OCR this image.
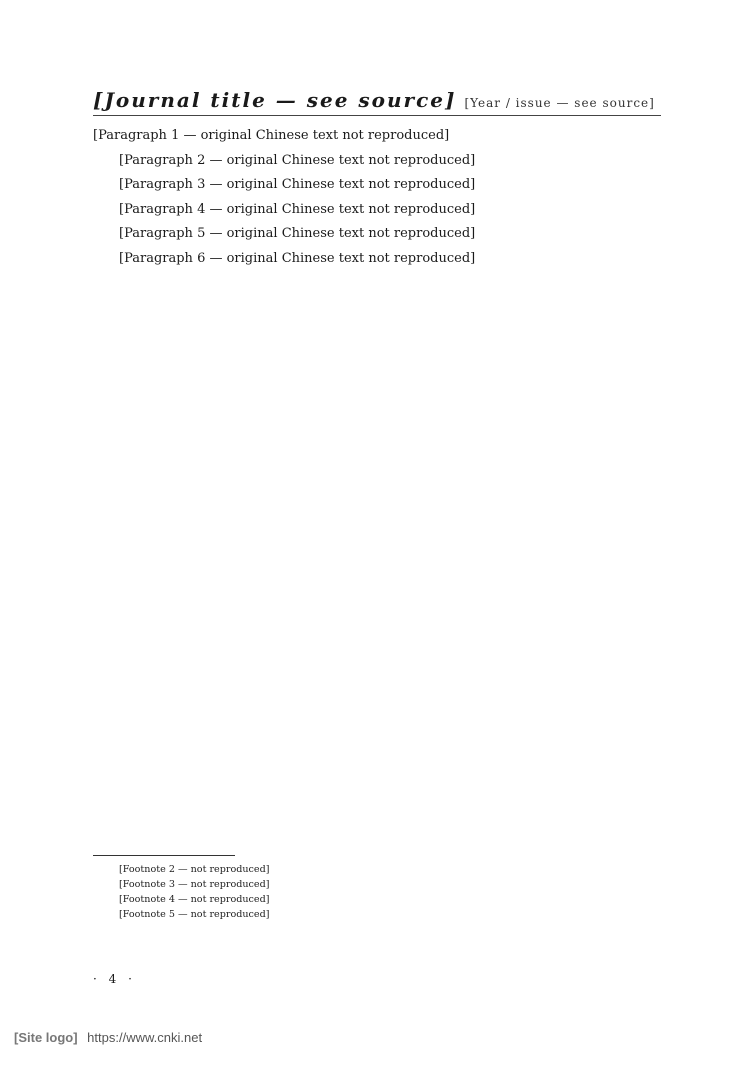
[Journal title — see source] [Year / issue — see source]

[Paragraph 1 — original Chinese text not reproduced]

[Paragraph 2 — original Chinese text not reproduced]

[Paragraph 3 — original Chinese text not reproduced]

[Paragraph 4 — original Chinese text not reproduced]

[Paragraph 5 — original Chinese text not reproduced]

[Paragraph 6 — original Chinese text not reproduced]

[Footnote 2 — not reproduced]

[Footnote 3 — not reproduced]

[Footnote 4 — not reproduced]

[Footnote 5 — not reproduced]

· 4 ·
[Site logo] https://www.cnki.net
